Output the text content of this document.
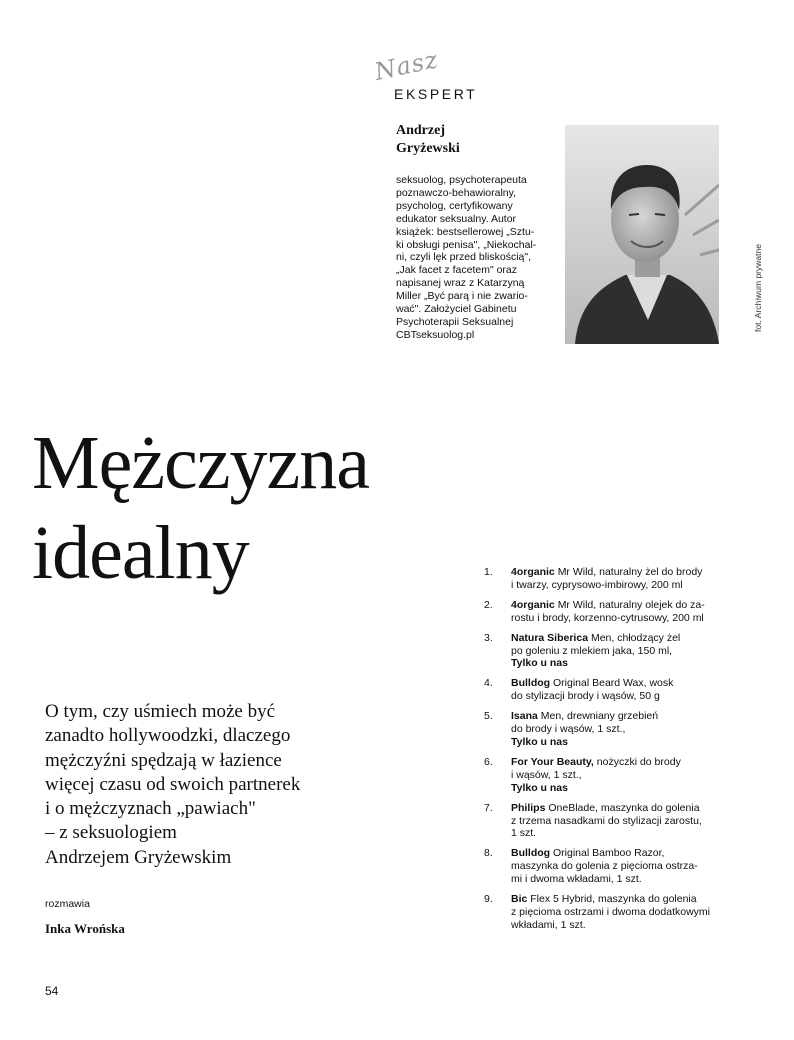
Nasz
EKSPERT
Andrzej
Gryżewski
seksuolog, psychoterapeuta
poznawczo-behawioralny,
psycholog, certyfikowany
edukator seksualny. Autor
książek: bestsellerowej „Sztu-
ki obsługi penisa", „Niekochal-
ni, czyli lęk przed bliskością",
„Jak facet z facetem" oraz
napisanej wraz z Katarzyną
Miller „Być parą i nie zwario-
wać". Założyciel Gabinetu
Psychoterapii Seksualnej
CBTseksuolog.pl
fot. Archiwum prywatne
Mężczyzna
idealny
O tym, czy uśmiech może być
zanadto hollywoodzki, dlaczego
mężczyźni spędzają w łazience
więcej czasu od swoich partnerek
i o mężczyznach „pawiach"
– z seksuologiem
Andrzejem Gryżewskim
rozmawia
Inka Wrońska
54
1.	4organic Mr Wild, naturalny żel do brody
i twarzy, cyprysowo-imbirowy, 200 ml
2.	4organic Mr Wild, naturalny olejek do za-
rostu i brody, korzenno-cytrusowy, 200 ml
3.	Natura Siberica Men, chłodzący żel
po goleniu z mlekiem jaka, 150 ml,
Tylko u nas
4.	Bulldog Original Beard Wax, wosk
do stylizacji brody i wąsów, 50 g
5.	Isana Men, drewniany grzebień
do brody i wąsów, 1 szt.,
Tylko u nas
6.	For Your Beauty, nożyczki do brody
i wąsów, 1 szt.,
Tylko u nas
7.	Philips OneBlade, maszynka do golenia
z trzema nasadkami do stylizacji zarostu,
1 szt.
8.	Bulldog Original Bamboo Razor,
maszynka do golenia z pięcioma ostrza-
mi i dwoma wkładami, 1 szt.
9.	Bic Flex 5 Hybrid, maszynka do golenia
z pięcioma ostrzami i dwoma dodatkowymi
wkładami, 1 szt.
